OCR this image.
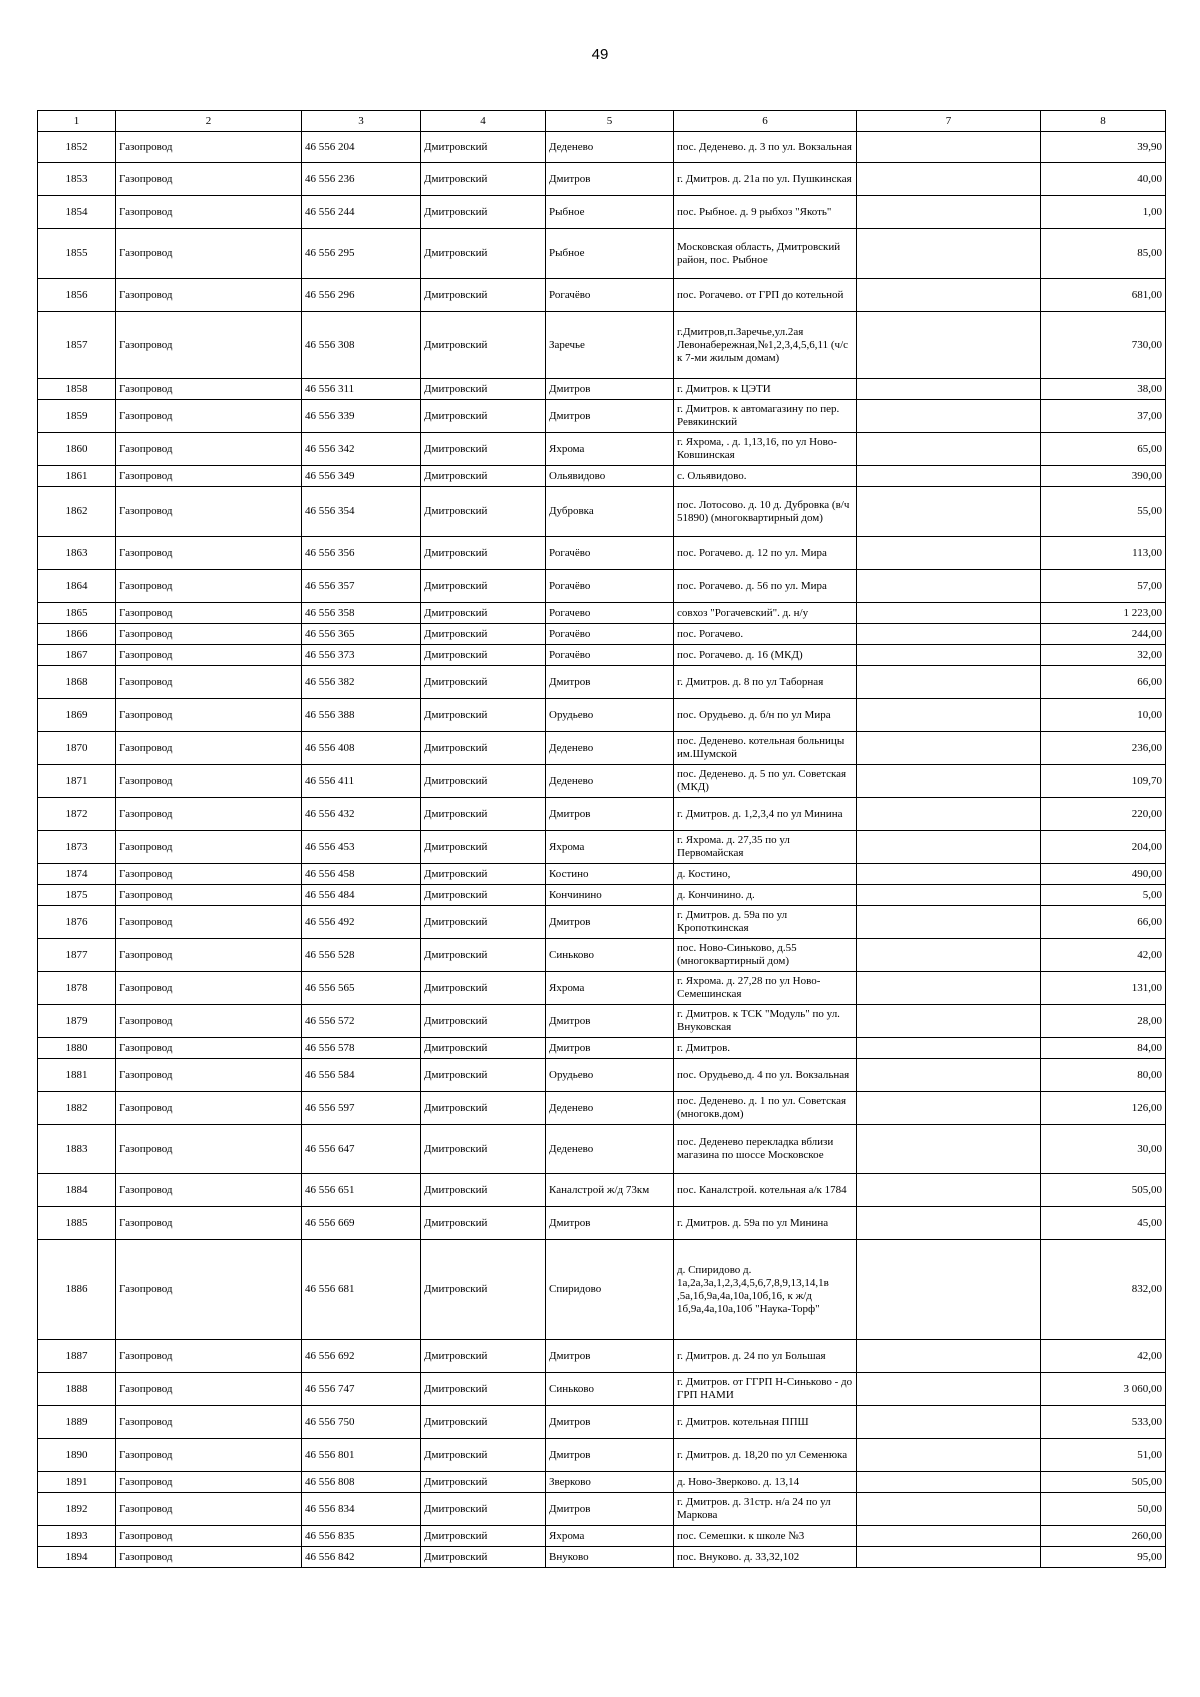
49
1	2	3	4	5	6	7	8
1852	Газопровод	46 556 204	Дмитровский	Деденево	пос. Деденево. д. 3 по ул. Вокзальная		39,90
1853	Газопровод	46 556 236	Дмитровский	Дмитров	г. Дмитров. д. 21а по ул. Пушкинская		40,00
1854	Газопровод	46 556 244	Дмитровский	Рыбное	пос. Рыбное. д. 9 рыбхоз "Якоть"		1,00
1855	Газопровод	46 556 295	Дмитровский	Рыбное	Московская область, Дмитровский район, пос. Рыбное		85,00
1856	Газопровод	46 556 296	Дмитровский	Рогачёво	пос. Рогачево. от ГРП до котельной		681,00
1857	Газопровод	46 556 308	Дмитровский	Заречье	г.Дмитров,п.Заречье,ул.2ая Левонабережная,№1,2,3,4,5,6,11 (ч/с к 7-ми жилым домам)		730,00
1858	Газопровод	46 556 311	Дмитровский	Дмитров	г. Дмитров. к ЦЭТИ		38,00
1859	Газопровод	46 556 339	Дмитровский	Дмитров	г. Дмитров. к автомагазину по пер. Ревякинский		37,00
1860	Газопровод	46 556 342	Дмитровский	Яхрома	г. Яхрома, . д. 1,13,16, по ул Ново-Ковшинская		65,00
1861	Газопровод	46 556 349	Дмитровский	Ольявидово	с. Ольявидово.		390,00
1862	Газопровод	46 556 354	Дмитровский	Дубровка	пос. Лотосово. д. 10 д. Дубровка (в/ч 51890) (многоквартирный дом)		55,00
1863	Газопровод	46 556 356	Дмитровский	Рогачёво	пос. Рогачево. д. 12 по ул. Мира		113,00
1864	Газопровод	46 556 357	Дмитровский	Рогачёво	пос. Рогачево. д. 56 по ул. Мира		57,00
1865	Газопровод	46 556 358	Дмитровский	Рогачево	совхоз "Рогачевский". д. н/у		1 223,00
1866	Газопровод	46 556 365	Дмитровский	Рогачёво	пос. Рогачево.		244,00
1867	Газопровод	46 556 373	Дмитровский	Рогачёво	пос. Рогачево. д. 16 (МКД)		32,00
1868	Газопровод	46 556 382	Дмитровский	Дмитров	г. Дмитров. д. 8 по ул Таборная		66,00
1869	Газопровод	46 556 388	Дмитровский	Орудьево	пос. Орудьево. д. б/н по ул Мира		10,00
1870	Газопровод	46 556 408	Дмитровский	Деденево	пос. Деденево. котельная больницы им.Шумской		236,00
1871	Газопровод	46 556 411	Дмитровский	Деденево	пос. Деденево. д. 5 по ул. Советская (МКД)		109,70
1872	Газопровод	46 556 432	Дмитровский	Дмитров	г. Дмитров. д. 1,2,3,4 по ул Минина		220,00
1873	Газопровод	46 556 453	Дмитровский	Яхрома	г. Яхрома. д. 27,35 по ул Первомайская		204,00
1874	Газопровод	46 556 458	Дмитровский	Костино	д. Костино,		490,00
1875	Газопровод	46 556 484	Дмитровский	Кончинино	д. Кончинино. д.		5,00
1876	Газопровод	46 556 492	Дмитровский	Дмитров	г. Дмитров. д. 59а по ул Кропоткинская		66,00
1877	Газопровод	46 556 528	Дмитровский	Синьково	пос. Ново-Синьково, д.55 (многоквартирный дом)		42,00
1878	Газопровод	46 556 565	Дмитровский	Яхрома	г. Яхрома. д. 27,28 по ул Ново-Семешинская		131,00
1879	Газопровод	46 556 572	Дмитровский	Дмитров	г. Дмитров. к ТСК "Модуль" по ул. Внуковская		28,00
1880	Газопровод	46 556 578	Дмитровский	Дмитров	г. Дмитров.		84,00
1881	Газопровод	46 556 584	Дмитровский	Орудьево	пос. Орудьево,д. 4 по ул. Вокзальная		80,00
1882	Газопровод	46 556 597	Дмитровский	Деденево	пос. Деденево. д. 1 по ул. Советская (многокв.дом)		126,00
1883	Газопровод	46 556 647	Дмитровский	Деденево	пос. Деденево перекладка вблизи магазина по шоссе Московское		30,00
1884	Газопровод	46 556 651	Дмитровский	Каналстрой ж/д 73км	пос. Каналстрой. котельная а/к 1784		505,00
1885	Газопровод	46 556 669	Дмитровский	Дмитров	г. Дмитров. д. 59а по ул Минина		45,00
1886	Газопровод	46 556 681	Дмитровский	Спиридово	д. Спиридово д. 1а,2а,3а,1,2,3,4,5,6,7,8,9,13,14,1в ,5а,1б,9а,4а,10а,10б,16, к ж/д 1б,9а,4а,10а,10б "Наука-Торф"		832,00
1887	Газопровод	46 556 692	Дмитровский	Дмитров	г. Дмитров. д. 24 по ул Большая		42,00
1888	Газопровод	46 556 747	Дмитровский	Синьково	г. Дмитров. от ГГРП Н-Синьково - до ГРП НАМИ		3 060,00
1889	Газопровод	46 556 750	Дмитровский	Дмитров	г. Дмитров. котельная ППШ		533,00
1890	Газопровод	46 556 801	Дмитровский	Дмитров	г. Дмитров. д. 18,20 по ул Семенюка		51,00
1891	Газопровод	46 556 808	Дмитровский	Зверково	д. Ново-Зверково. д. 13,14		505,00
1892	Газопровод	46 556 834	Дмитровский	Дмитров	г. Дмитров. д. 31стр. н/а 24 по ул Маркова		50,00
1893	Газопровод	46 556 835	Дмитровский	Яхрома	пос. Семешки. к школе №3		260,00
1894	Газопровод	46 556 842	Дмитровский	Внуково	пос. Внуково. д. 33,32,102		95,00
